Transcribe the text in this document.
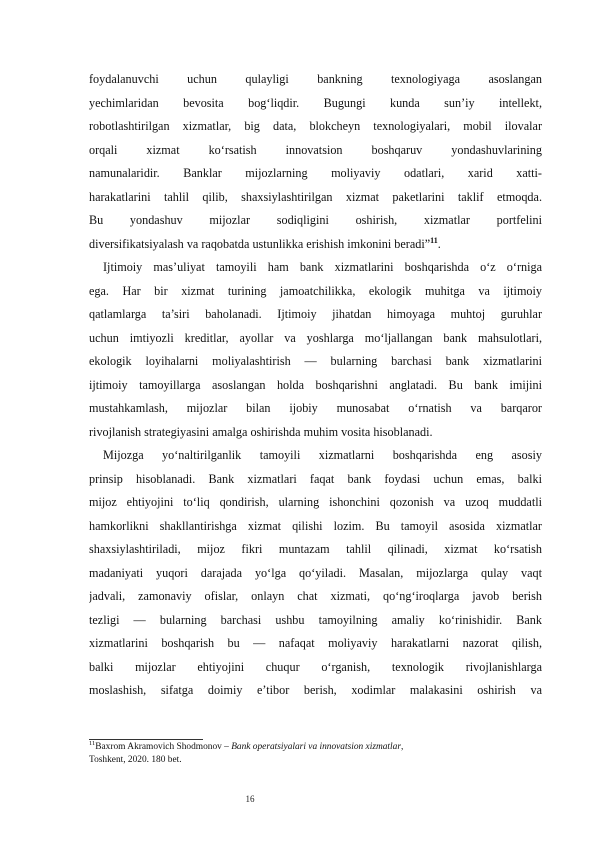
foydalanuvchi uchun qulayligi bankning texnologiyaga asoslangan
yechimlaridan bevosita bog‘liqdir. Bugungi kunda sun’iy intellekt,
robotlashtirilgan xizmatlar, big data, blokcheyn texnologiyalari, mobil ilovalar
orqali xizmat ko‘rsatish innovatsion boshqaruv yondashuvlarining
namunalaridir. Banklar mijozlarning moliyaviy odatlari, xarid xatti-
harakatlarini tahlil qilib, shaxsiylashtirilgan xizmat paketlarini taklif etmoqda.
Bu yondashuv mijozlar sodiqligini oshirish, xizmatlar portfelini
diversifikatsiyalash va raqobatda ustunlikka erishish imkonini beradi”$^{11}$.
Ijtimoiy mas’uliyat tamoyili ham bank xizmatlarini boshqarishda o‘z o‘rniga
ega. Har bir xizmat turining jamoatchilikka, ekologik muhitga va ijtimoiy
qatlamlarga ta’siri baholanadi. Ijtimoiy jihatdan himoyaga muhtoj guruhlar
uchun imtiyozli kreditlar, ayollar va yoshlarga mo‘ljallangan bank mahsulotlari,
ekologik loyihalarni moliyalashtirish — bularning barchasi bank xizmatlarini
ijtimoiy tamoyillarga asoslangan holda boshqarishni anglatadi. Bu bank imijini
mustahkamlash, mijozlar bilan ijobiy munosabat o‘rnatish va barqaror
rivojlanish strategiyasini amalga oshirishda muhim vosita hisoblanadi.
Mijozga yo‘naltirilganlik tamoyili xizmatlarni boshqarishda eng asosiy
prinsip hisoblanadi. Bank xizmatlari faqat bank foydasi uchun emas, balki
mijoz ehtiyojini to‘liq qondirish, ularning ishonchini qozonish va uzoq muddatli
hamkorlikni shakllantirishga xizmat qilishi lozim. Bu tamoyil asosida xizmatlar
shaxsiylashtiriladi, mijoz fikri muntazam tahlil qilinadi, xizmat ko‘rsatish
madaniyati yuqori darajada yo‘lga qo‘yiladi. Masalan, mijozlarga qulay vaqt
jadvali, zamonaviy ofislar, onlayn chat xizmati, qo‘ng‘iroqlarga javob berish
tezligi — bularning barchasi ushbu tamoyilning amaliy ko‘rinishidir. Bank
xizmatlarini boshqarish bu — nafaqat moliyaviy harakatlarni nazorat qilish,
balki mijozlar ehtiyojini chuqur o‘rganish, texnologik rivojlanishlarga
moslashish, sifatga doimiy e’tibor berish, xodimlar malakasini oshirish va
$^{11}$Baxrom Akramovich Shodmonov – Bank operatsiyalari va innovatsion xizmatlar,
Toshkent, 2020. 180 bet.
16
